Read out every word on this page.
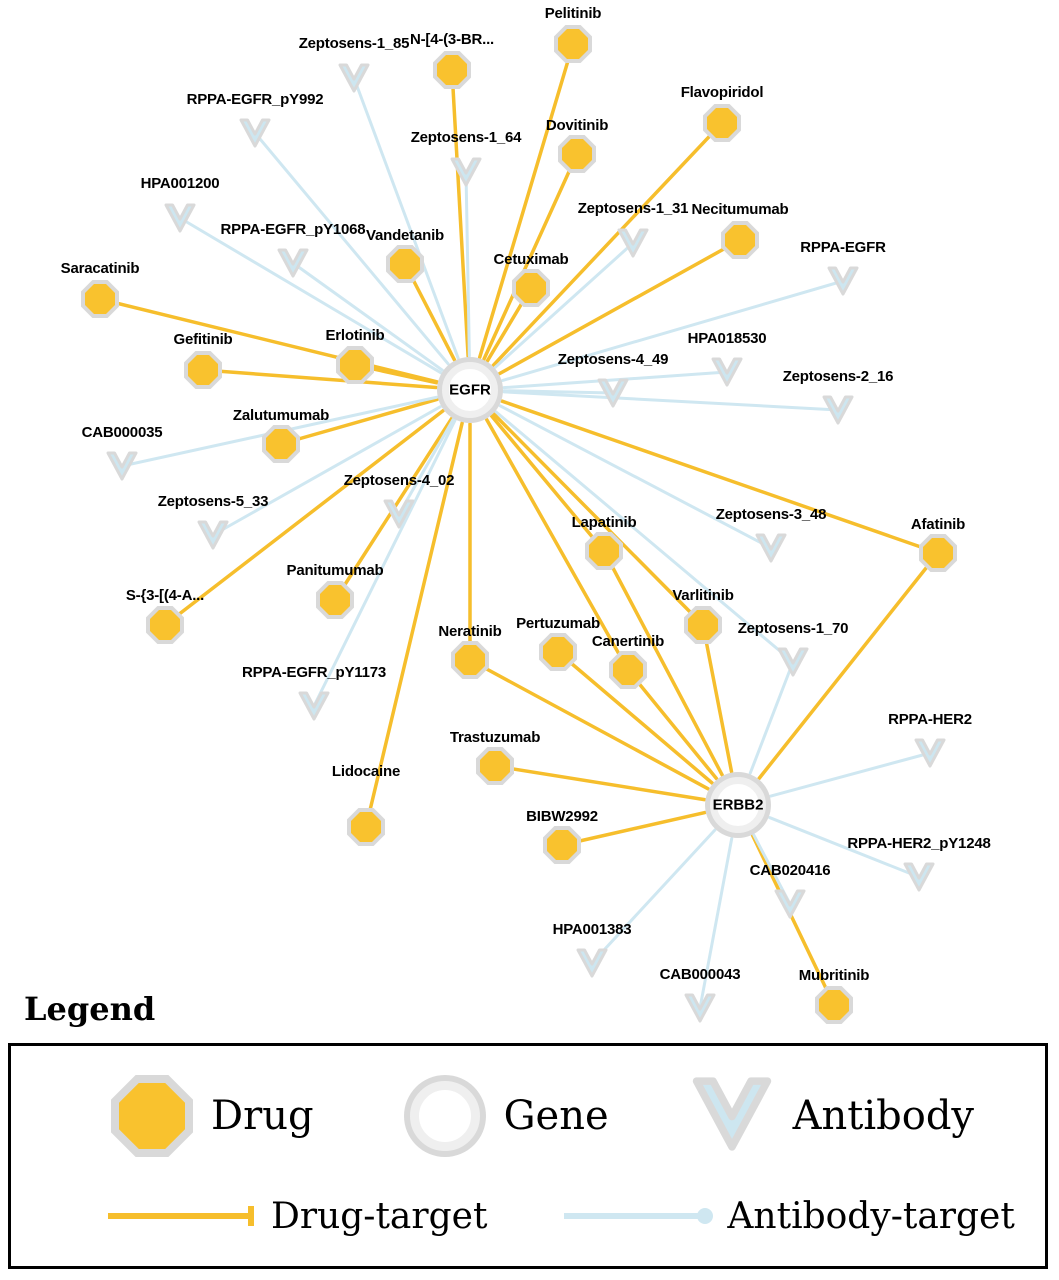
Pelitinib
N-[4-(3-BR...
Flavopiridol
Dovitinib
Necitumumab
Vandetanib
Cetuximab
Saracatinib
Gefitinib	Erlotinib
Zalutumumab
Lapatinib	Afatinib
Panitumumab
Varlitinib
S-{3-[(4-A...
Pertuzumab
Neratinib
Canertinib
Trastuzumab
Lidocaine
BIBW2992
Mubritinib
Zeptosens-1_85
RPPA-EGFR_pY992
Zeptosens-1_64
HPA001200
Zeptosens-1_31
RPPA-EGFR_pY1068
RPPA-EGFR
HPA018530
Zeptosens-4_49
Zeptosens-2_16
CAB000035
Zeptosens-4_02
Zeptosens-5_33
Zeptosens-3_48
Zeptosens-1_70
RPPA-EGFR_pY1173
RPPA-HER2
RPPA-HER2_pY1248
CAB020416
HPA001383
CAB000043
EGFR
ERBB2
Legend
Drug	Gene	Antibody
Drug-target	Antibody-target
